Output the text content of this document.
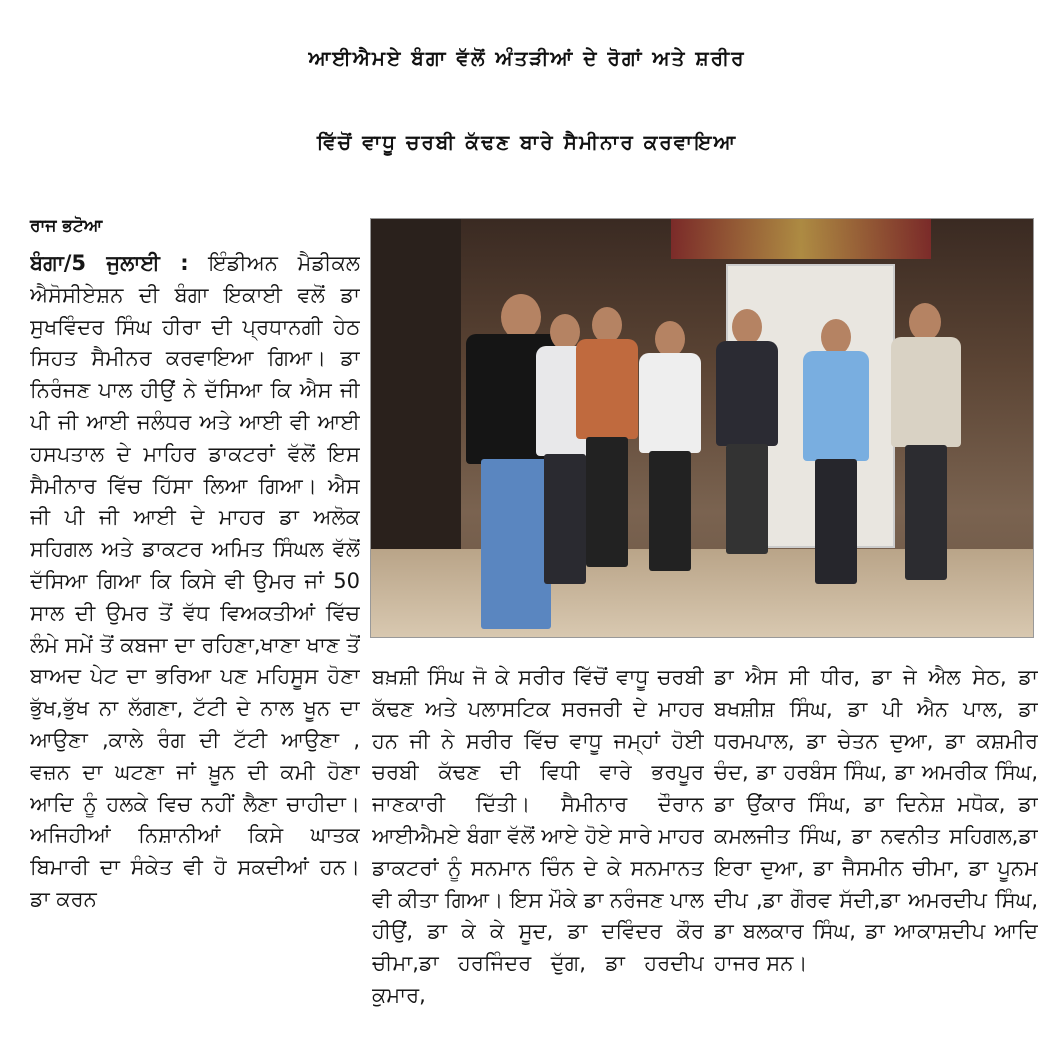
ਆਈਐਮਏ ਬੰਗਾ ਵੱਲੋਂ ਅੰਤੜੀਆਂ ਦੇ ਰੋਗਾਂ ਅਤੇ ਸ਼ਰੀਰ
ਵਿੱਚੋਂ ਵਾਧੂ ਚਰਬੀ ਕੱਢਣ ਬਾਰੇ ਸੈਮੀਨਾਰ ਕਰਵਾਇਆ
ਰਾਜ ਭਟੋਆ
ਬੰਗਾ/5 ਜੁਲਾਈ : ਇੰਡੀਅਨ ਮੈਡੀਕਲ ਐਸੋਸੀਏਸ਼ਨ ਦੀ ਬੰਗਾ ਇਕਾਈ ਵਲੋਂ ਡਾ ਸੁਖਵਿੰਦਰ ਸਿੰਘ ਹੀਰਾ ਦੀ ਪ੍ਰਧਾਨਗੀ ਹੇਠ ਸਿਹਤ ਸੈਮੀਨਰ ਕਰਵਾਇਆ ਗਿਆ। ਡਾ ਨਿਰੰਜਣ ਪਾਲ ਹੀਉਂ ਨੇ ਦੱਸਿਆ ਕਿ ਐਸ ਜੀ ਪੀ ਜੀ ਆਈ ਜਲੰਧਰ ਅਤੇ ਆਈ ਵੀ ਆਈ ਹਸਪਤਾਲ ਦੇ ਮਾਹਿਰ ਡਾਕਟਰਾਂ ਵੱਲੋਂ ਇਸ ਸੈਮੀਨਾਰ ਵਿੱਚ ਹਿੱਸਾ ਲਿਆ ਗਿਆ। ਐਸ ਜੀ ਪੀ ਜੀ ਆਈ ਦੇ ਮਾਹਰ ਡਾ ਅਲੋਕ ਸਹਿਗਲ ਅਤੇ ਡਾਕਟਰ ਅਮਿਤ ਸਿੰਘਲ ਵੱਲੋਂ ਦੱਸਿਆ ਗਿਆ ਕਿ ਕਿਸੇ ਵੀ ਉਮਰ ਜਾਂ 50 ਸਾਲ ਦੀ ਉਮਰ ਤੋਂ ਵੱਧ ਵਿਅਕਤੀਆਂ ਵਿੱਚ ਲੰਮੇ ਸਮੇਂ ਤੋਂ ਕਬਜਾ ਦਾ ਰਹਿਣਾ,ਖਾਣਾ ਖਾਣ ਤੋਂ ਬਾਅਦ ਪੇਟ ਦਾ ਭਰਿਆ ਪਣ ਮਹਿਸੂਸ ਹੋਣਾ ਭੁੱਖ,ਭੁੱਖ ਨਾ ਲੱਗਣਾ, ਟੱਟੀ ਦੇ ਨਾਲ ਖੂਨ ਦਾ ਆਉਣਾ ,ਕਾਲੇ ਰੰਗ ਦੀ ਟੱਟੀ ਆਉਣਾ , ਵਜ਼ਨ ਦਾ ਘਟਣਾ ਜਾਂ ਖ਼ੂਨ ਦੀ ਕਮੀ ਹੋਣਾ ਆਦਿ ਨੂੰ ਹਲਕੇ ਵਿਚ ਨਹੀਂ ਲੈਣਾ ਚਾਹੀਦਾ। ਅਜਿਹੀਆਂ ਨਿਸ਼ਾਨੀਆਂ ਕਿਸੇ ਘਾਤਕ ਬਿਮਾਰੀ ਦਾ ਸੰਕੇਤ ਵੀ ਹੋ ਸਕਦੀਆਂ ਹਨ। ਡਾ ਕਰਨ
ਬਖ਼ਸ਼ੀ ਸਿੰਘ ਜੋ ਕੇ ਸਰੀਰ ਵਿੱਚੋਂ ਵਾਧੂ ਚਰਬੀ ਕੱਢਣ ਅਤੇ ਪਲਾਸਟਿਕ ਸਰਜਰੀ ਦੇ ਮਾਹਰ ਹਨ ਜੀ ਨੇ ਸਰੀਰ ਵਿੱਚ ਵਾਧੂ ਜਮ੍ਹਾਂ ਹੋਈ ਚਰਬੀ ਕੱਢਣ ਦੀ ਵਿਧੀ ਵਾਰੇ ਭਰਪੂਰ ਜਾਣਕਾਰੀ ਦਿੱਤੀ। ਸੈਮੀਨਾਰ ਦੌਰਾਨ ਆਈਐਮਏ ਬੰਗਾ ਵੱਲੋਂ ਆਏ ਹੋਏ ਸਾਰੇ ਮਾਹਰ ਡਾਕਟਰਾਂ ਨੂੰ ਸਨਮਾਨ ਚਿੰਨ ਦੇ ਕੇ ਸਨਮਾਨਤ ਵੀ ਕੀਤਾ ਗਿਆ। ਇਸ ਮੌਕੇ ਡਾ ਨਰੰਜਣ ਪਾਲ ਹੀਉਂ, ਡਾ ਕੇ ਕੇ ਸੂਦ, ਡਾ ਦਵਿੰਦਰ ਕੌਰ ਚੀਮਾ,ਡਾ ਹਰਜਿੰਦਰ ਦੁੱਗ, ਡਾ ਹਰਦੀਪ ਕੁਮਾਰ,
ਡਾ ਐਸ ਸੀ ਧੀਰ, ਡਾ ਜੇ ਐਲ ਸੇਠ, ਡਾ ਬਖਸ਼ੀਸ਼ ਸਿੰਘ, ਡਾ ਪੀ ਐਨ ਪਾਲ, ਡਾ ਧਰਮਪਾਲ, ਡਾ ਚੇਤਨ ਦੁਆ, ਡਾ ਕਸ਼ਮੀਰ ਚੰਦ, ਡਾ ਹਰਬੰਸ ਸਿੰਘ, ਡਾ ਅਮਰੀਕ ਸਿੰਘ, ਡਾ ਉਂਕਾਰ ਸਿੰਘ, ਡਾ ਦਿਨੇਸ਼ ਮਧੋਕ, ਡਾ ਕਮਲਜੀਤ ਸਿੰਘ, ਡਾ ਨਵਨੀਤ ਸਹਿਗਲ,ਡਾ ਇਰਾ ਦੁਆ, ਡਾ ਜੈਸਮੀਨ ਚੀਮਾ, ਡਾ ਪੂਨਮ ਦੀਪ ,ਡਾ ਗੌਰਵ ਸੱਦੀ,ਡਾ ਅਮਰਦੀਪ ਸਿੰਘ, ਡਾ ਬਲਕਾਰ ਸਿੰਘ, ਡਾ ਆਕਾਸ਼ਦੀਪ ਆਦਿ ਹਾਜਰ ਸਨ।
